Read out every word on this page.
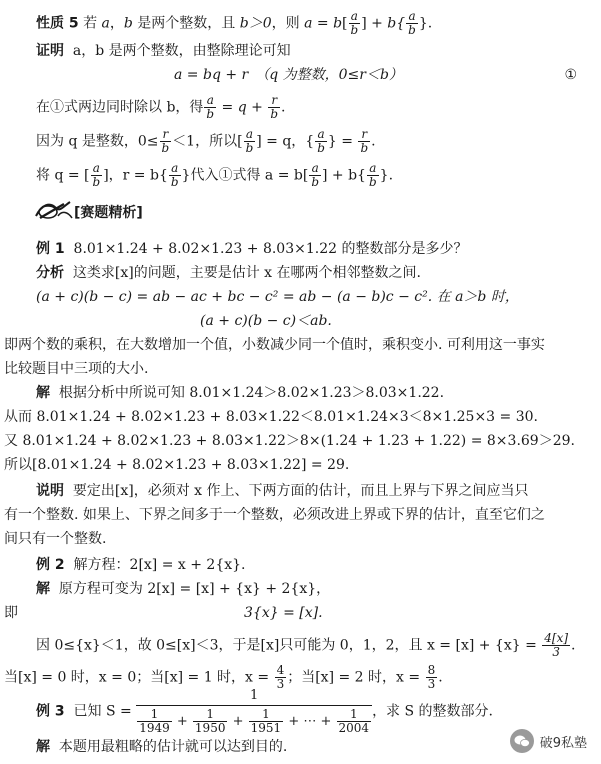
性质 5 若 a，b 是两个整数，且 b＞0，则 $a = b[ \frac{a}{b}$ ] + $b\{ \frac{a}{b}$ }.
证明 a，b 是两个整数，由整除理论可知
a = bq + r　（q 为整数，0≤r＜b）	①
在①式两边同时除以 b，得 $\frac{a}{b} = q + \frac{r}{b}$ .
因为 q 是整数，$0\le \frac{r}{b} <1$，所以[ $\frac{a}{b}$ ] = q，{ $\frac{a}{b}$ } = $\frac{r}{b}$ .
将 q = [ $\frac{a}{b}$ ]，$r = b\{ \frac{a}{b}$ }代入①式得 $a = b[ \frac{a}{b}$ ] + $b\{ \frac{a}{b}$ }.
[赛题精析]
例 1 8.01×1.24 + 8.02×1.23 + 8.03×1.22 的整数部分是多少？
分析 这类求[x]的问题，主要是估计 x 在哪两个相邻整数之间.
(a + c)(b − c) = ab − ac + bc − c² = ab − (a − b)c − c². 在 a＞b 时，
(a + c)(b − c)＜ab.
即两个数的乘积，在大数增加一个值，小数减少同一个值时，乘积变小. 可利用这一事实
比较题目中三项的大小.
解 根据分析中所说可知 8.01×1.24＞8.02×1.23＞8.03×1.22.
从而 8.01×1.24 + 8.02×1.23 + 8.03×1.22＜8.01×1.24×3＜8×1.25×3 = 30.
又 8.01×1.24 + 8.02×1.23 + 8.03×1.22＞8×(1.24 + 1.23 + 1.22) = 8×3.69＞29.
所以[8.01×1.24 + 8.02×1.23 + 8.03×1.22] = 29.
说明 要定出[x]，必须对 x 作上、下两方面的估计，而且上界与下界之间应当只
有一个整数. 如果上、下界之间多于一个整数，必须改进上界或下界的估计，直至它们之
间只有一个整数.
例 2 解方程：2[x] = x + 2{x}.
解 原方程可变为 2[x] = [x] + {x} + 2{x}，
即	3{x} = [x].
因 0≤{x}＜1，故 0≤[x]＜3，于是[x]只可能为 0，1，2，且 $x = [x] + \{x\} = \frac{4[x]}{3}$ .
当[x] = 0 时，x = 0；当[x] = 1 时，$x = \frac{4}{3}$ ；当[x] = 2 时，$x = \frac{8}{3}$ .
例 3 已知 $S = \frac{1}{\frac{1}{1949} + \frac{1}{1950} + \frac{1}{1951} + \cdots + \frac{1}{2004}}$ ，求 S 的整数部分.
解 本题用最粗略的估计就可以达到目的.	破9私塾
